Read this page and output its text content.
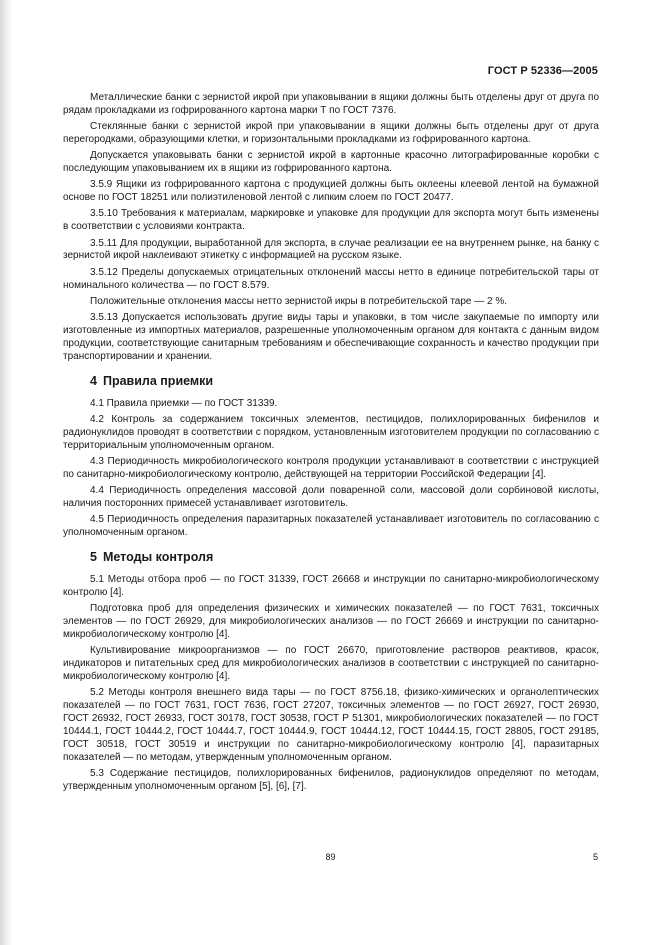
ГОСТ Р 52336—2005

Металлические банки с зернистой икрой при упаковывании в ящики должны быть отделены друг от друга по рядам прокладками из гофрированного картона марки Т по ГОСТ 7376.

Стеклянные банки с зернистой икрой при упаковывании в ящики должны быть отделены друг от друга перегородками, образующими клетки, и горизонтальными прокладками из гофрированного картона.

Допускается упаковывать банки с зернистой икрой в картонные красочно литографированные коробки с последующим упаковыванием их в ящики из гофрированного картона.

3.5.9 Ящики из гофрированного картона с продукцией должны быть оклеены клеевой лентой на бумажной основе по ГОСТ 18251 или полиэтиленовой лентой с липким слоем по ГОСТ 20477.

3.5.10 Требования к материалам, маркировке и упаковке для продукции для экспорта могут быть изменены в соответствии с условиями контракта.

3.5.11 Для продукции, выработанной для экспорта, в случае реализации ее на внутреннем рынке, на банку с зернистой икрой наклеивают этикетку с информацией на русском языке.

3.5.12 Пределы допускаемых отрицательных отклонений массы нетто в единице потребительской тары от номинального количества — по ГОСТ 8.579.

Положительные отклонения массы нетто зернистой икры в потребительской таре — 2 %.

3.5.13 Допускается использовать другие виды тары и упаковки, в том числе закупаемые по импорту или изготовленные из импортных материалов, разрешенные уполномоченным органом для контакта с данным видом продукции, соответствующие санитарным требованиям и обеспечивающие сохранность и качество продукции при транспортировании и хранении.

4 Правила приемки

4.1 Правила приемки — по ГОСТ 31339.

4.2 Контроль за содержанием токсичных элементов, пестицидов, полихлорированных бифенилов и радионуклидов проводят в соответствии с порядком, установленным изготовителем продукции по согласованию с территориальным уполномоченным органом.

4.3 Периодичность микробиологического контроля продукции устанавливают в соответствии с инструкцией по санитарно-микробиологическому контролю, действующей на территории Российской Федерации [4].

4.4 Периодичность определения массовой доли поваренной соли, массовой доли сорбиновой кислоты, наличия посторонних примесей устанавливает изготовитель.

4.5 Периодичность определения паразитарных показателей устанавливает изготовитель по согласованию с уполномоченным органом.

5 Методы контроля

5.1 Методы отбора проб — по ГОСТ 31339, ГОСТ 26668 и инструкции по санитарно-микробиологическому контролю [4].

Подготовка проб для определения физических и химических показателей — по ГОСТ 7631, токсичных элементов — по ГОСТ 26929, для микробиологических анализов — по ГОСТ 26669 и инструкции по санитарно-микробиологическому контролю [4].

Культивирование микроорганизмов — по ГОСТ 26670, приготовление растворов реактивов, красок, индикаторов и питательных сред для микробиологических анализов в соответствии с инструкцией по санитарно-микробиологическому контролю [4].

5.2 Методы контроля внешнего вида тары — по ГОСТ 8756.18, физико-химических и органолептических показателей — по ГОСТ 7631, ГОСТ 7636, ГОСТ 27207, токсичных элементов — по ГОСТ 26927, ГОСТ 26930, ГОСТ 26932, ГОСТ 26933, ГОСТ 30178, ГОСТ 30538, ГОСТ Р 51301, микробиологических показателей — по ГОСТ 10444.1, ГОСТ 10444.2, ГОСТ 10444.7, ГОСТ 10444.9, ГОСТ 10444.12, ГОСТ 10444.15, ГОСТ 28805, ГОСТ 29185, ГОСТ 30518, ГОСТ 30519 и инструкции по санитарно-микробиологическому контролю [4], паразитарных показателей — по методам, утвержденным уполномоченным органом.

5.3 Содержание пестицидов, полихлорированных бифенилов, радионуклидов определяют по методам, утвержденным уполномоченным органом [5], [6], [7].

89	5
